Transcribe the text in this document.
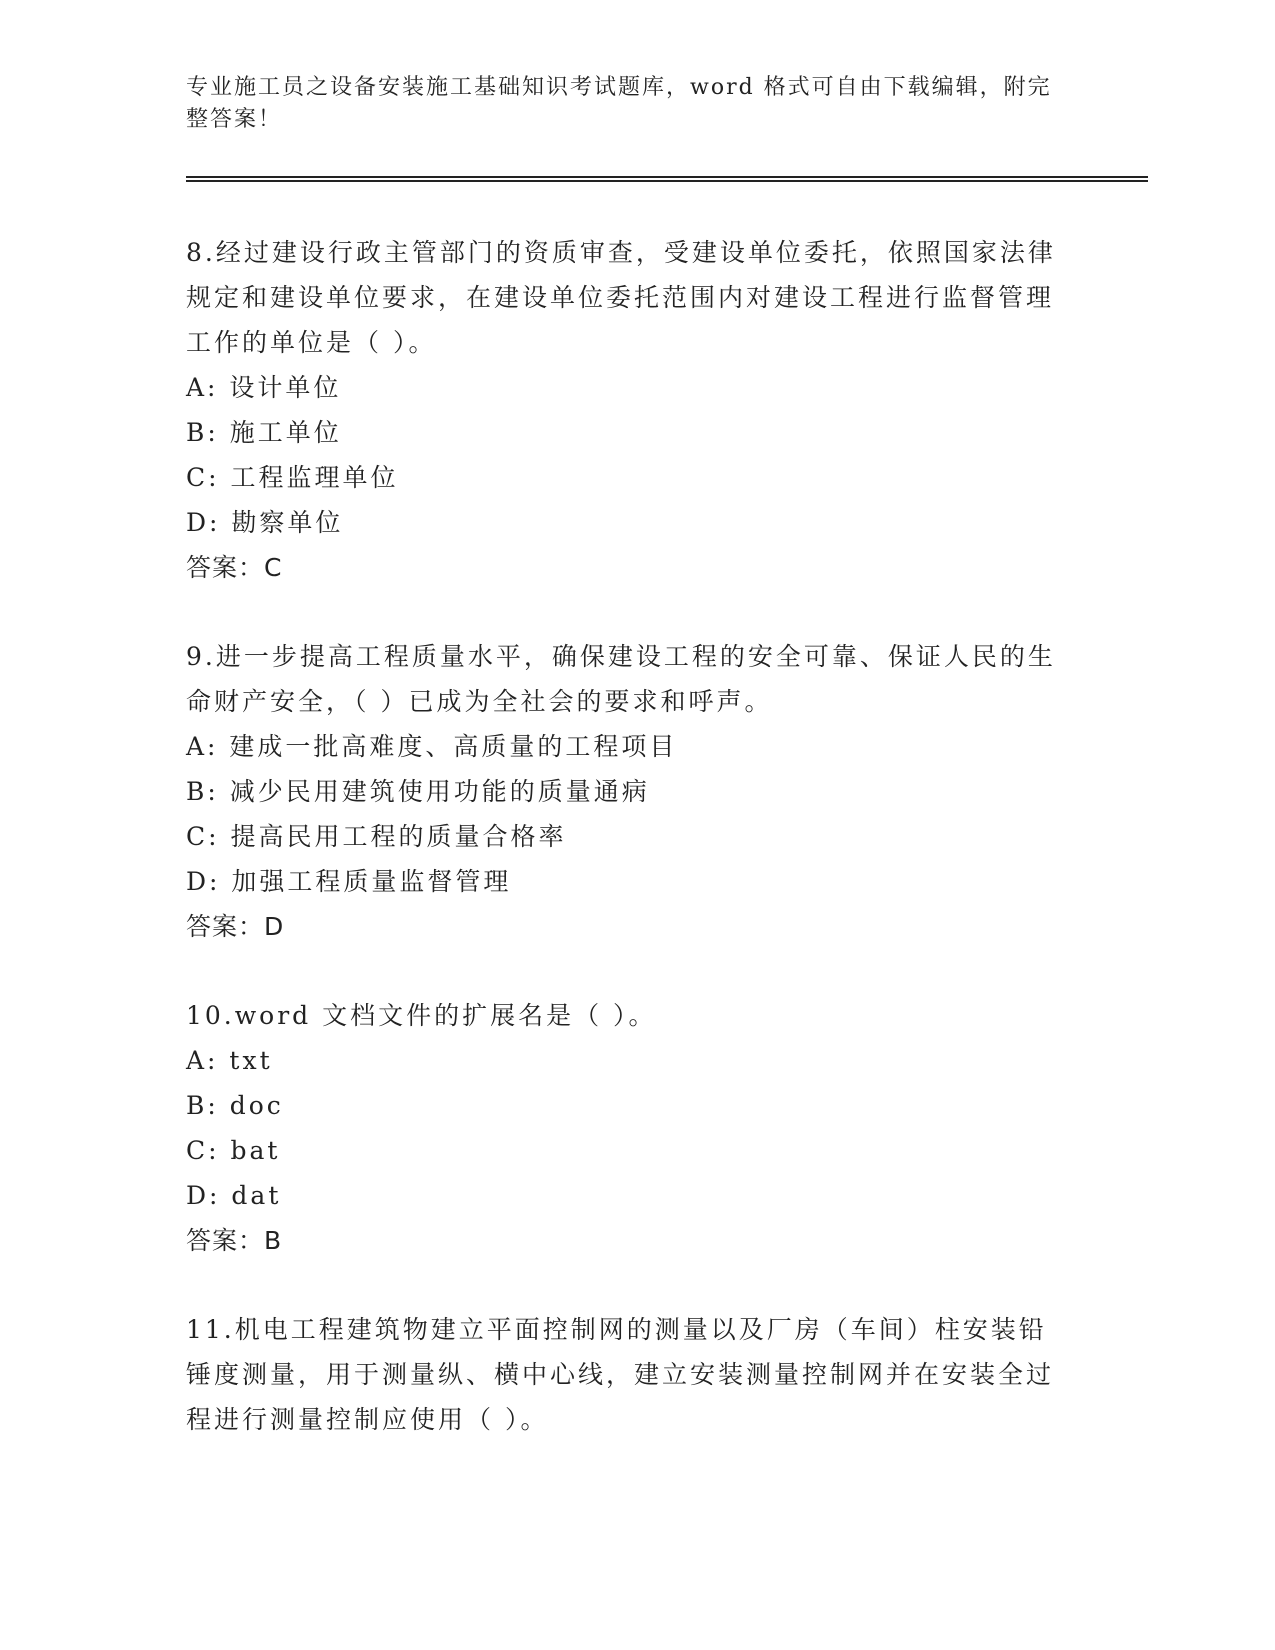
专业施工员之设备安装施工基础知识考试题库，word 格式可自由下载编辑，附完整答案！

8.经过建设行政主管部门的资质审查，受建设单位委托，依照国家法律规定和建设单位要求，在建设单位委托范围内对建设工程进行监督管理工作的单位是（ ）。

A: 设计单位

B: 施工单位

C: 工程监理单位

D: 勘察单位

答案：C

9.进一步提高工程质量水平，确保建设工程的安全可靠、保证人民的生命财产安全，（ ）已成为全社会的要求和呼声。

A: 建成一批高难度、高质量的工程项目

B: 减少民用建筑使用功能的质量通病

C: 提高民用工程的质量合格率

D: 加强工程质量监督管理

答案：D

10.word 文档文件的扩展名是（ ）。

A: txt

B: doc

C: bat

D: dat

答案：B

11.机电工程建筑物建立平面控制网的测量以及厂房（车间）柱安装铅锤度测量，用于测量纵、横中心线，建立安装测量控制网并在安装全过程进行测量控制应使用（ ）。
